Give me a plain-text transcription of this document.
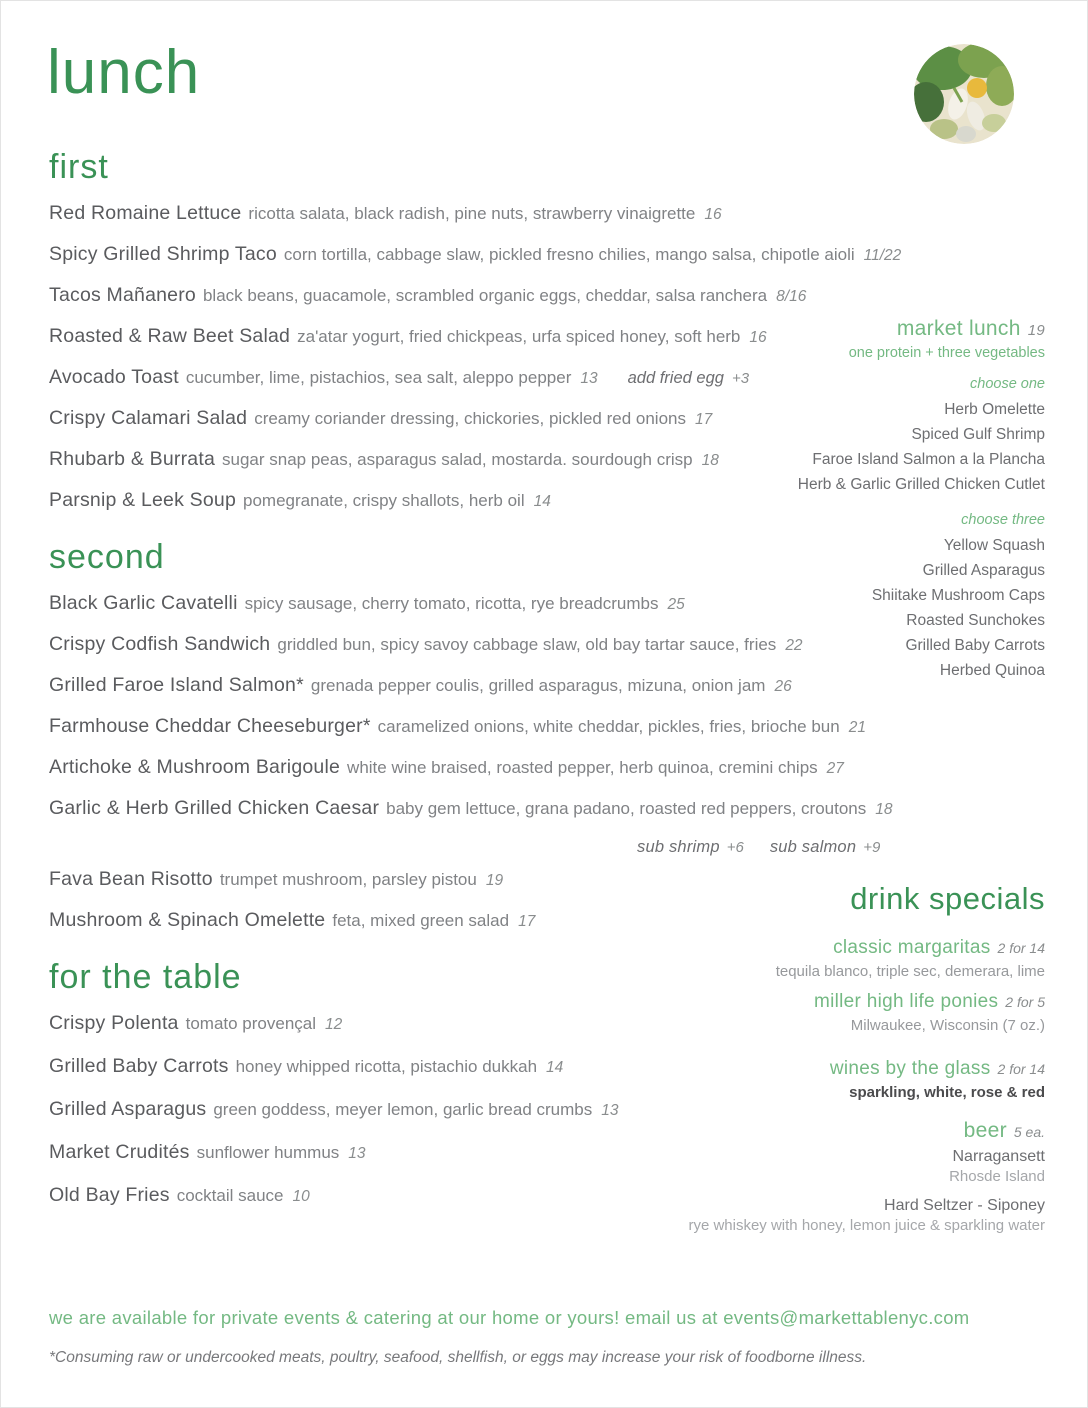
lunch
first
Red Romaine Lettuce ricotta salata, black radish, pine nuts, strawberry vinaigrette 16
Spicy Grilled Shrimp Taco corn tortilla, cabbage slaw, pickled fresno chilies, mango salsa, chipotle aioli 11/22
Tacos Mañanero black beans, guacamole, scrambled organic eggs, cheddar, salsa ranchera 8/16
Roasted & Raw Beet Salad za'atar yogurt, fried chickpeas, urfa spiced honey, soft herb 16
Avocado Toast cucumber, lime, pistachios, sea salt, aleppo pepper 13 add fried egg +3
Crispy Calamari Salad creamy coriander dressing, chickories, pickled red onions 17
Rhubarb & Burrata sugar snap peas, asparagus salad, mostarda. sourdough crisp 18
Parsnip & Leek Soup pomegranate, crispy shallots, herb oil 14
market lunch 19
one protein + three vegetables
choose one
Herb Omelette
Spiced Gulf Shrimp
Faroe Island Salmon a la Plancha
Herb & Garlic Grilled Chicken Cutlet
choose three
Yellow Squash
Grilled Asparagus
Shiitake Mushroom Caps
Roasted Sunchokes
Grilled Baby Carrots
Herbed Quinoa
second
Black Garlic Cavatelli spicy sausage, cherry tomato, ricotta, rye breadcrumbs 25
Crispy Codfish Sandwich griddled bun, spicy savoy cabbage slaw, old bay tartar sauce, fries 22
Grilled Faroe Island Salmon* grenada pepper coulis, grilled asparagus, mizuna, onion jam 26
Farmhouse Cheddar Cheeseburger* caramelized onions, white cheddar, pickles, fries, brioche bun 21
Artichoke & Mushroom Barigoule white wine braised, roasted pepper, herb quinoa, cremini chips 27
Garlic & Herb Grilled Chicken Caesar baby gem lettuce, grana padano, roasted red peppers, croutons 18
sub shrimp +6 sub salmon +9
Fava Bean Risotto trumpet mushroom, parsley pistou 19
Mushroom & Spinach Omelette feta, mixed green salad 17
drink specials
classic margaritas 2 for 14
tequila blanco, triple sec, demerara, lime
miller high life ponies 2 for 5
Milwaukee, Wisconsin (7 oz.)
wines by the glass 2 for 14
sparkling, white, rose & red
beer 5 ea.
Narragansett
Rhosde Island
Hard Seltzer - Siponey
rye whiskey with honey, lemon juice & sparkling water
for the table
Crispy Polenta tomato provençal 12
Grilled Baby Carrots honey whipped ricotta, pistachio dukkah 14
Grilled Asparagus green goddess, meyer lemon, garlic bread crumbs 13
Market Crudités sunflower hummus 13
Old Bay Fries cocktail sauce 10
we are available for private events & catering at our home or yours! email us at events@markettablenyc.com
*Consuming raw or undercooked meats, poultry, seafood, shellfish, or eggs may increase your risk of foodborne illness.
